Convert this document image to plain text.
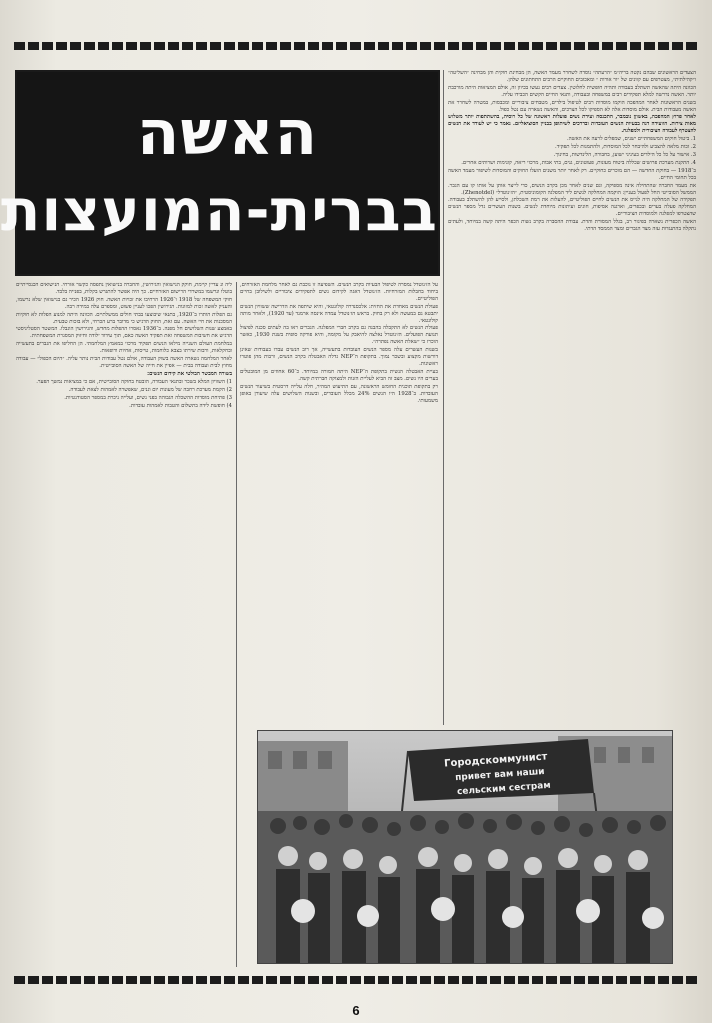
האשה
בברית-המועצות

הצעדים הראשונים שבהם נקטה בריה״מ ״הרעתה״ נוסדה לשחרר מעמד האשה, הן מבחינת חוקית והן מבחינה ״השליטה״ ו״קהילתית״, מצטרפים עם קוונים של ״ור אורות ״ ומאכזבים החוקיים הרבים התחתונים שלהן.

הכוונה היתה שהאשה תשתלב בעבודה ותהיה חופשית לחלוטין. צעדים רבים נעשו בכיוון זה, אולם המציאות היתה מורכבת יותר. האשה נדרשה למלא תפקידים רבים במשפחה ובעבודה, ותנאי החיים הקשים הכבידו עליה.

בשנים הראשונות לאחר המהפכה הוקמו מוסדות רבים לטיפול בילדים, מטבחים ציבוריים ומכבסות, במטרה לשחרר את האשה מעבודות הבית. אולם מוסדות אלה לא הספיקו לכל הצרכים, והאשה נשארה עם נטל כפול.

לאחר פרוץ המהפכה, באשוןן נובמבר, התכנסה ועידת נשים פועלות ראשונה של כל רוסיה, בהשתתפות יותר משלוש מאות צירות. הוועידה דנה בבעיות הנשים העובדות ובדרכים לשיתופן בבניין הסוציאליזם. נאמר כי יש לעודד את הנשים להצטרף לעבודה הציבורית ולמפלגה.

1. ביטול חוקים המשפחתיים ישנים, שמפלים לרעה את האשה.

2. זכות מלאה להצביע ולהיבחר לכל המוסדות, ולהתמנות לכל תפקיד.

3. אישור על כל כל הילדים בעיניני ישוען, בחבורה, הלינדשות, בחינוך.

4. התקנת מערכת פרושים שכללה ביטוח מעונות, פעוטונים, גנים, בתי אבות, מרכזי ריאה, קונימות ושרותים אחרים.

ב־1918 — בחוקת החדשה — הם מוכרים כחוקיים. רק לאחר יותר משנים הועלו החוקים והמוסדות לשיפור מעמד האשה בכל תחומי החיים.

את מעמד החברה שהתחילה אינה מספיקה, וגם שנים לאחר מכן בקרב הנשים, כדי לייצר אותן על אותו קו עם הגבר. הממשל הסובייטי החל לפעול בעניין: הוקמה המחלקה לנשים ליד המפלגה הקומוניסטית, ״הז׳נוטדל״ (Zhenotdel).

תפקידה של המחלקה היה לגייס את הנשים לחיים הפוליטיים, להעלות את רמת השכלתן, ולסייע להן להשתלב בעבודה. המחלקה פעלה בערים ובכפרים, וארגנה אסיפות, חוגים ועיתונות מיוחדת לנשים. בשנות העשרים גדל מספר הנשים שהצטרפו למפלגה ולמוסדות הציבוריים.

האשה הכפרית נשארה בפיגור רב, בגלל המסורת והדת. עבודת ההסברה בקרב נשות הכפר היתה קשה במיוחד, ולעתים נתקלה בהתנגדות עזה מצד הגברים ומצד הממסד הדתי.

על הז׳נוטדל נמסרה לטיפול הבעיות בקרב הנשים. השפיעה זו נוכבת גם לאחר מלחמת האזרחים, ביחוד בחבלות המזרחיות. הז׳נוטדל דאגה לקידום נשים לתפקידים ציבוריים ולשילובן בחיים הפוליטיים.

פעולת הנשים מאחדת את החזית: אלכסנדרה קולונטאי, והיא שיתפה את הדרישה ששוויון הנשים יתבטא גם במעשה ולא רק בחוק. בראש הז׳נוטדל עמדה אינסה ארמנד (עד 1920), ולאחר מותה קולונטאי.

פעולת הנשים לא התקבלה בהבנה גם בקרב חברי המפלגה. הגברים ראו בה לעתים סכנה לפיצול תנועת הפועלים. הז׳נוטדל נאלצה להיאבק על מקומה, והיא פורקה סופית בשנת 1930, כאשר הוכרז כי ״שאלת האשה נפתרה״.

בשנות העשרים עלה מספר הנשים העובדות בתעשייה, אך רוב הנשים עבדו בעבודות שאינן דורשות מקצוע ובשכר נמוך. בתקופת ה־NEP גדלה האבטלה בקרב הנשים, ורבות מהן פוטרו ראשונות.

בעיית האבטלה הנשית בתקופת ה־NEP היתה חמורה במיוחד. כ־60 אחוזים מן המובטלים בערים היו נשים. מצב זה הביא לעליית הזנות ולמצוקה חברתית קשה.

רק בתקופת תוכנית החומש הראשונה, עם התיעוש המהיר, חלה עלייה דרסטית בשיעור הנשים העובדות. ב־1928 היו הנשים 24% מכלל העובדים, ובשנות השלושים עלה שיעורן באופן משמעותי.

ליה ונ עדיין קיימת, חוקק הנישואין והגירושין, והחברה בנישואין נתפסה כקשר אזרחי. הנישואים הכנסייתיים בוטלו ונרשמו במשרדי הרישום האזרחיים. כך היה אפשר להתגרש בקלות, בפנייה בלבד.

חוקי המשפחה של 1918 ו־1926 הרחיבו את זכויות האשה. חוק 1926 הכיר גם בנישואין שלא נרשמו, והעניק לאשה זכות למזונות. הגירושין הפכו לעניין פשוט, ומספרם עלה במידה רבה.

גם הפלות הותרו ב־1920, בתנאי שיבוצעו בבתי חולים ממשלתיים. הכוונה היתה למנוע הפלות לא חוקיות המסכנות את חיי האשה. עם זאת, החוק הדגיש כי מדובר ברע הכרחי, ולא בזכות טבעית.

באמצע שנות השלושים חל מפנה. ב־1936 נאסרו ההפלות מחדש, והגירושין הוגבלו. המשטר הסטליניסטי הדגיש את חשיבות המשפחה ואת תפקיד האשה כאם, תוך עידוד ילודה וחיזוק המסגרת המשפחתית.

במלחמת העולם השנייה מילאו הנשים תפקיד מרכזי במאמץ המלחמתי. הן החליפו את הגברים בתעשייה ובחקלאות, ורבות שירתו בצבא כלוחמות, טייסות, אחיות ורופאות.

לאחר המלחמה נשארה האשה בשוק העבודה, אולם נטל עבודות הבית נותר עליה. ״היום הכפול״ — עבודה מחוץ לבית ועבודה בבית — אפיין את חייה של האשה הסובייטית.

בשורה המבשר הבולטי את קידום הנשים:

1) השוויון המלא בשכר ובתנאי העבודה, הובטח בחוקה הסובייטית, אם כי במציאות נמשך הפער.

2) הקמת מערכת רחבה של מעונות יום וגנים, שאפשרה לאמהות לצאת לעבודה.

3) פתיחת מוסדות ההשכלה הגבוהה בפני נשים, ועלייה ניכרת במספר הסטודנטיות.

4) חופשת לידה בתשלום והטבות לאמהות עובדות.

Городскоммунист
привет вам наши
сельским сестрам
6
